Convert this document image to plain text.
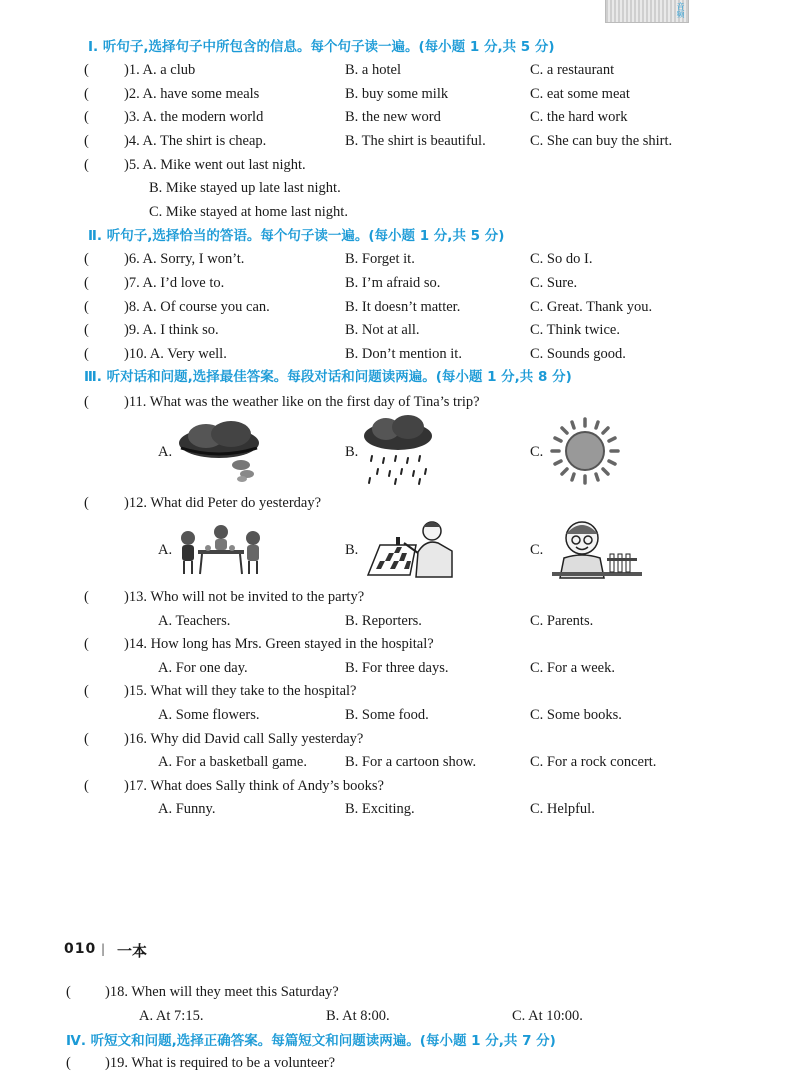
音频
Ⅰ. 听句子,选择句子中所包含的信息。每个句子读一遍。(每小题 1 分,共 5 分)
( )1. A. a club	B. a hotel	C. a restaurant
( )2. A. have some meals	B. buy some milk	C. eat some meat
( )3. A. the modern world	B. the new word	C. the hard work
( )4. A. The shirt is cheap.	B. The shirt is beautiful.	C. She can buy the shirt.
( )5. A. Mike went out last night.
B. Mike stayed up late last night.
C. Mike stayed at home last night.
Ⅱ. 听句子,选择恰当的答语。每个句子读一遍。(每小题 1 分,共 5 分)
( )6. A. Sorry, I won’t.	B. Forget it.	C. So do I.
( )7. A. I’d love to.	B. I’m afraid so.	C. Sure.
( )8. A. Of course you can.	B. It doesn’t matter.	C. Great. Thank you.
( )9. A. I think so.	B. Not at all.	C. Think twice.
( )10. A. Very well.	B. Don’t mention it.	C. Sounds good.
Ⅲ. 听对话和问题,选择最佳答案。每段对话和问题读两遍。(每小题 1 分,共 8 分)
( )11. What was the weather like on the first day of Tina’s trip?
A.	B.	C.
( )12. What did Peter do yesterday?
A.	B.	C.
( )13. Who will not be invited to the party?
A. Teachers.	B. Reporters.	C. Parents.
( )14. How long has Mrs. Green stayed in the hospital?
A. For one day.	B. For three days.	C. For a week.
( )15. What will they take to the hospital?
A. Some flowers.	B. Some food.	C. Some books.
( )16. Why did David call Sally yesterday?
A. For a basketball game.	B. For a cartoon show.	C. For a rock concert.
( )17. What does Sally think of Andy’s books?
A. Funny.	B. Exciting.	C. Helpful.
010 | 一本
( )18. When will they meet this Saturday?
A. At 7:15.	B. At 8:00.	C. At 10:00.
Ⅳ. 听短文和问题,选择正确答案。每篇短文和问题读两遍。(每小题 1 分,共 7 分)
( )19. What is required to be a volunteer?
